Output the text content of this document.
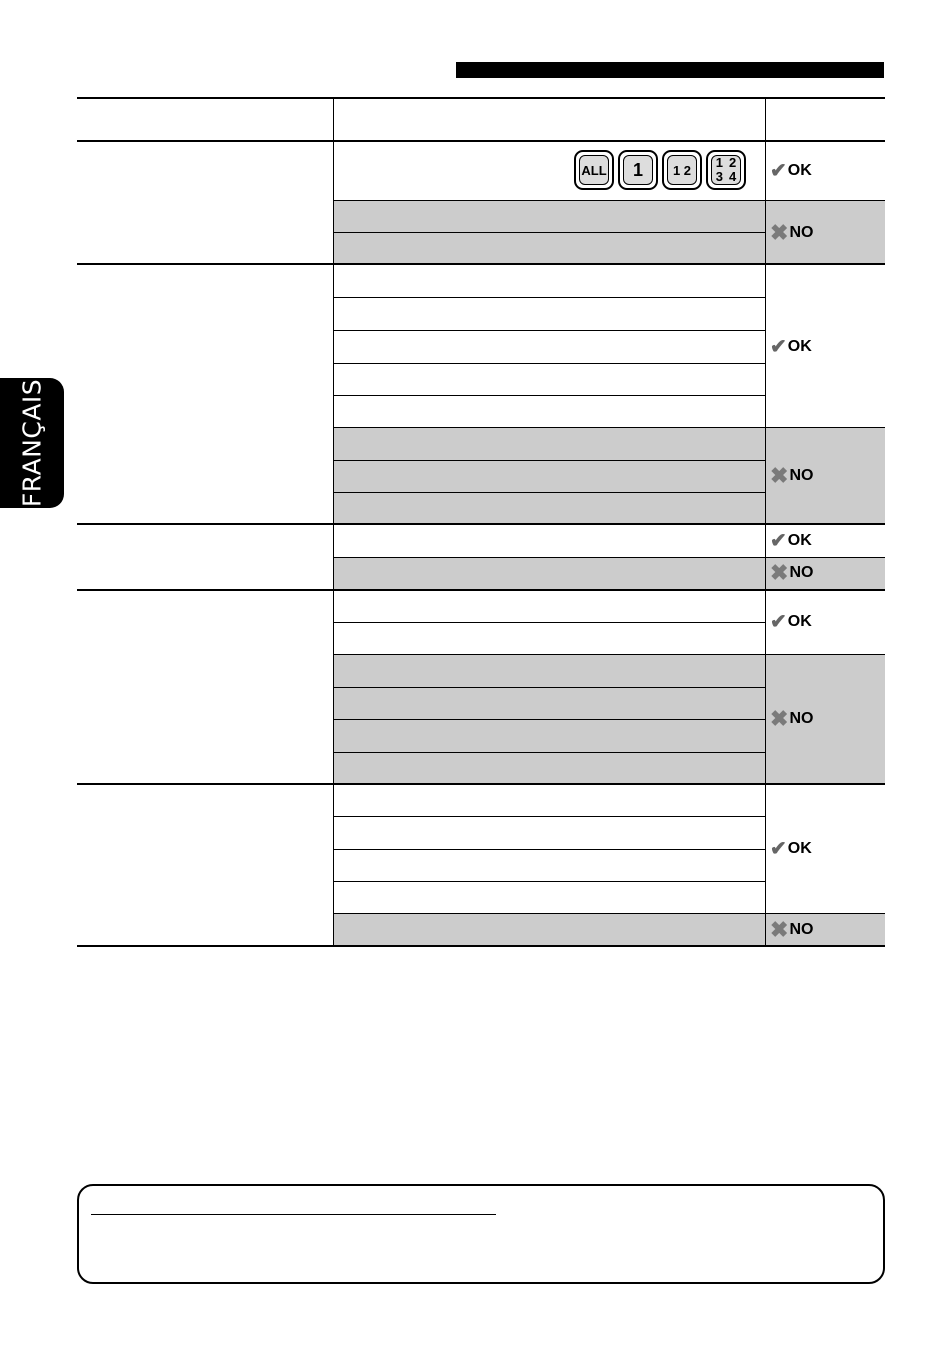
FRANÇAIS
ALL 1 1 2 1 2
3 4 ✔ OK
✖ NO
✔ OK
✖ NO
✔ OK
✖ NO
✔ OK
✖ NO
✔ OK
✖ NO
